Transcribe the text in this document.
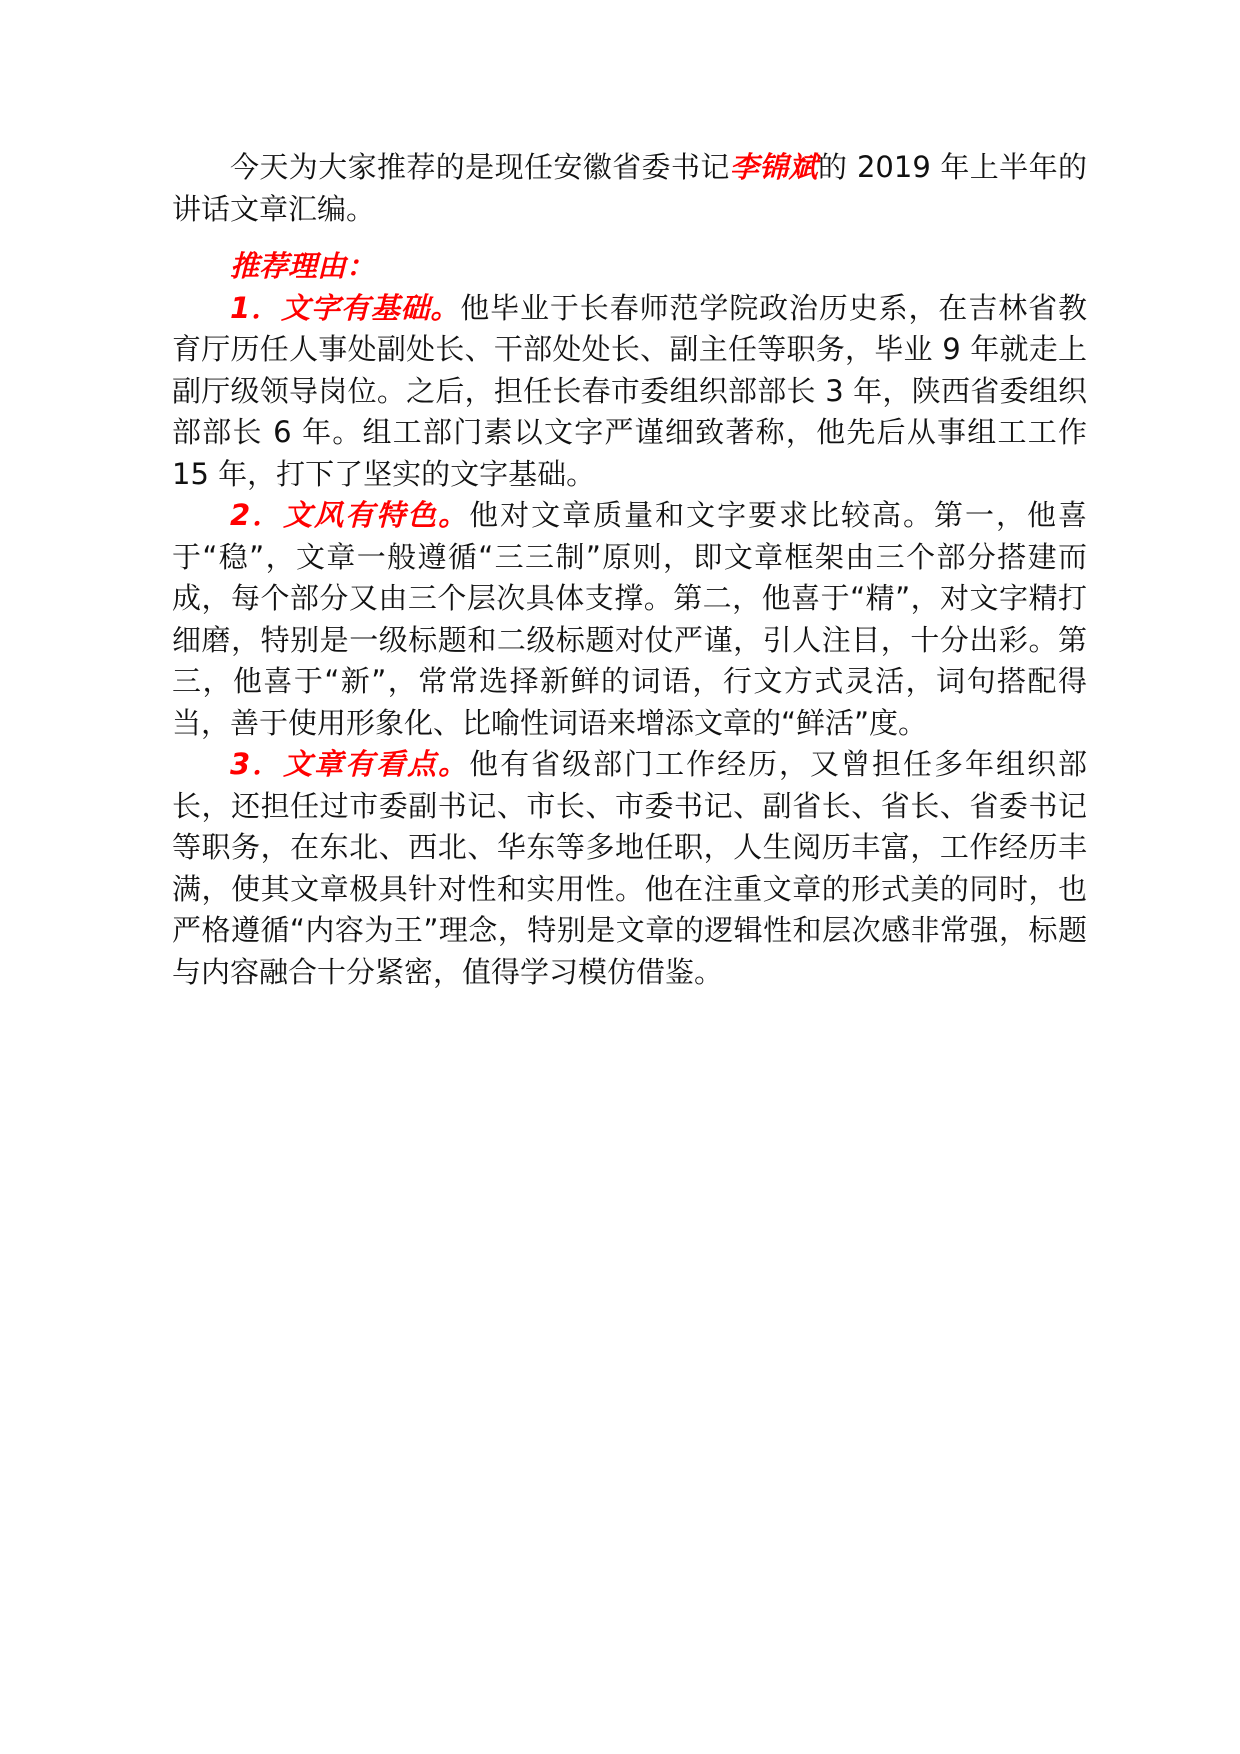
今天为大家推荐的是现任安徽省委书记李锦斌的 2019 年上半年的讲话文章汇编。

推荐理由：

1．文字有基础。他毕业于长春师范学院政治历史系，在吉林省教育厅历任人事处副处长、干部处处长、副主任等职务，毕业 9 年就走上副厅级领导岗位。之后，担任长春市委组织部部长 3 年，陕西省委组织部部长 6 年。组工部门素以文字严谨细致著称，他先后从事组工工作 15 年，打下了坚实的文字基础。

2．文风有特色。他对文章质量和文字要求比较高。第一，他喜于“稳”，文章一般遵循“三三制”原则，即文章框架由三个部分搭建而成，每个部分又由三个层次具体支撑。第二，他喜于“精”，对文字精打细磨，特别是一级标题和二级标题对仗严谨，引人注目，十分出彩。第三，他喜于“新”，常常选择新鲜的词语，行文方式灵活，词句搭配得当，善于使用形象化、比喻性词语来增添文章的“鲜活”度。

3．文章有看点。他有省级部门工作经历，又曾担任多年组织部长，还担任过市委副书记、市长、市委书记、副省长、省长、省委书记等职务，在东北、西北、华东等多地任职，人生阅历丰富，工作经历丰满，使其文章极具针对性和实用性。他在注重文章的形式美的同时，也严格遵循“内容为王”理念，特别是文章的逻辑性和层次感非常强，标题与内容融合十分紧密，值得学习模仿借鉴。
